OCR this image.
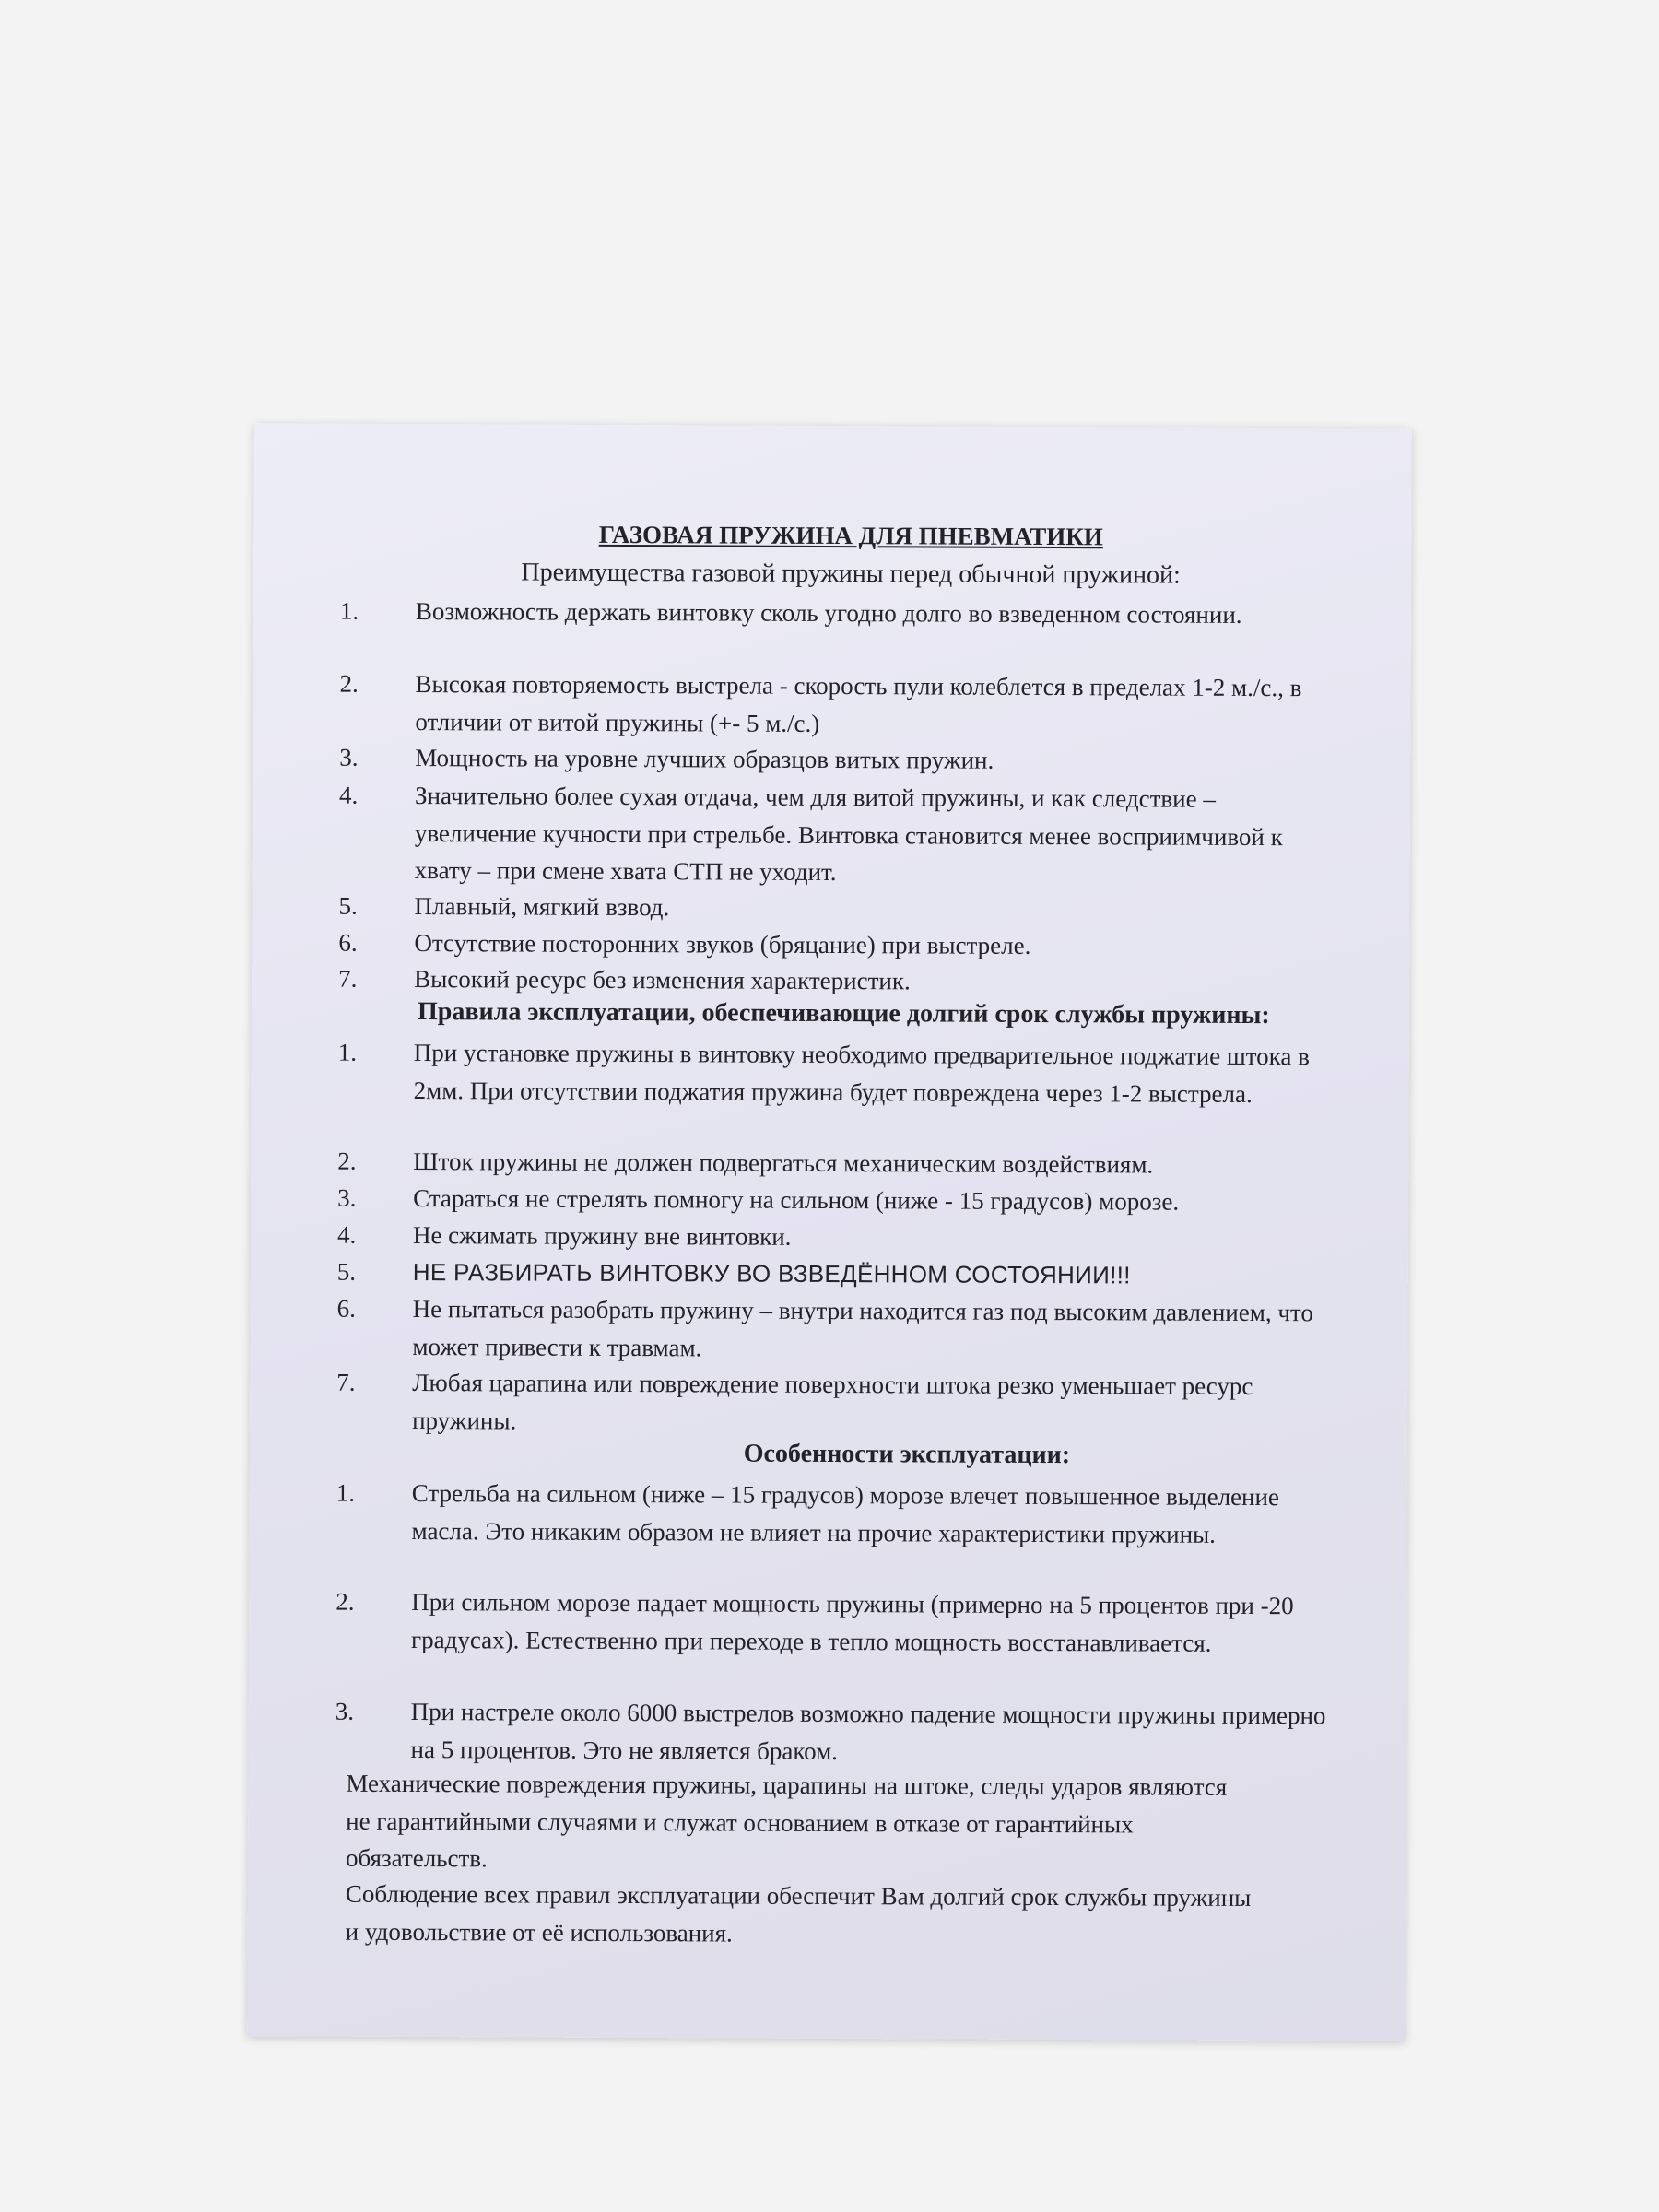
ГАЗОВАЯ ПРУЖИНА ДЛЯ ПНЕВМАТИКИ
Преимущества газовой пружины перед обычной пружиной:
1. Возможность держать винтовку сколь угодно долго во взведенном состоянии.
2. Высокая повторяемость выстрела - скорость пули колеблется в пределах 1-2 м./с., в отличии от витой пружины (+- 5 м./с.)
3. Мощность на уровне лучших образцов витых пружин.
4. Значительно более сухая отдача, чем для витой пружины, и как следствие – увеличение кучности при стрельбе. Винтовка становится менее восприимчивой к хвату – при смене хвата СТП не уходит.
5. Плавный, мягкий взвод.
6. Отсутствие посторонних звуков (бряцание) при выстреле.
7. Высокий ресурс без изменения характеристик.
Правила эксплуатации, обеспечивающие долгий срок службы пружины:
1. При установке пружины в винтовку необходимо предварительное поджатие штока в 2мм. При отсутствии поджатия пружина будет повреждена через 1-2 выстрела.
2. Шток пружины не должен подвергаться механическим воздействиям.
3. Стараться не стрелять помногу на сильном (ниже - 15 градусов) морозе.
4. Не сжимать пружину вне винтовки.
5. НЕ РАЗБИРАТЬ ВИНТОВКУ ВО ВЗВЕДЁННОМ СОСТОЯНИИ!!!
6. Не пытаться разобрать пружину – внутри находится газ под высоким давлением, что может привести к травмам.
7. Любая царапина или повреждение поверхности штока резко уменьшает ресурс пружины.
Особенности эксплуатации:
1. Стрельба на сильном (ниже – 15 градусов) морозе влечет повышенное выделение масла. Это никаким образом не влияет на прочие характеристики пружины.
2. При сильном морозе падает мощность пружины (примерно на 5 процентов при -20 градусах). Естественно при переходе в тепло мощность восстанавливается.
3. При настреле около 6000 выстрелов возможно падение мощности пружины примерно на 5 процентов. Это не является браком.
Механические повреждения пружины, царапины на штоке, следы ударов являются не гарантийными случаями и служат основанием в отказе от гарантийных обязательств.
Соблюдение всех правил эксплуатации обеспечит Вам долгий срок службы пружины и удовольствие от её использования.
